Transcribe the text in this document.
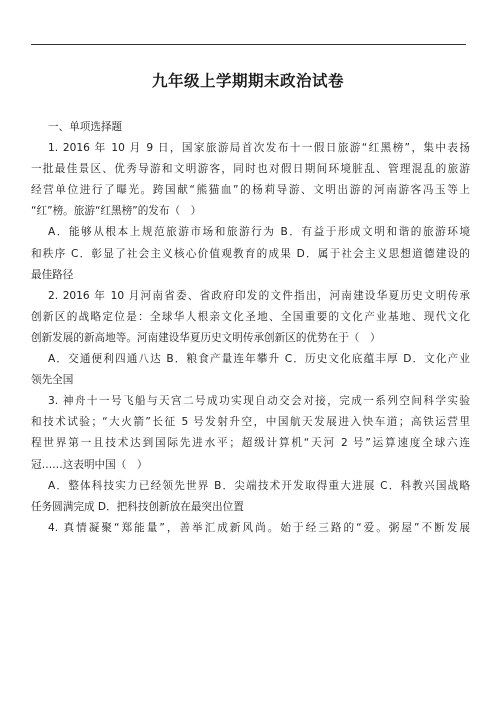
九年级上学期期末政治试卷
一、单项选择题
1. 2016 年 10 月 9 日，国家旅游局首次发布十一假日旅游“红黑榜”，集中表扬
一批最佳景区、优秀导游和文明游客，同时也对假日期间环境脏乱、管理混乱的旅游
经营单位进行了曝光。跨国献“熊猫血”的杨莉导游、文明出游的河南游客冯玉等上
“红”榜。旅游“红黑榜”的发布（　）
A．能够从根本上规范旅游市场和旅游行为 B．有益于形成文明和谐的旅游环境
和秩序 C．彰显了社会主义核心价值观教育的成果 D．属于社会主义思想道德建设的
最佳路径
2. 2016 年 10 月河南省委、省政府印发的文件指出，河南建设华夏历史文明传承
创新区的战略定位是：全球华人根亲文化圣地、全国重要的文化产业基地、现代文化
创新发展的新高地等。河南建设华夏历史文明传承创新区的优势在于（　）
A．交通便利四通八达 B．粮食产量连年攀升 C．历史文化底蕴丰厚 D．文化产业
领先全国
3. 神舟十一号飞船与天宫二号成功实现自动交会对接，完成一系列空间科学实验
和技术试验；“大火箭”长征 5 号发射升空，中国航天发展进入快车道；高铁运营里
程世界第一且技术达到国际先进水平；超级计算机“天河 2 号”运算速度全球六连
冠……这表明中国（　）
A．整体科技实力已经领先世界 B．尖端技术开发取得重大进展 C．科教兴国战略
任务圆满完成 D．把科技创新放在最突出位置
4. 真情凝聚“郑能量”，善举汇成新风尚。始于经三路的“爱。粥屋”不断发展
